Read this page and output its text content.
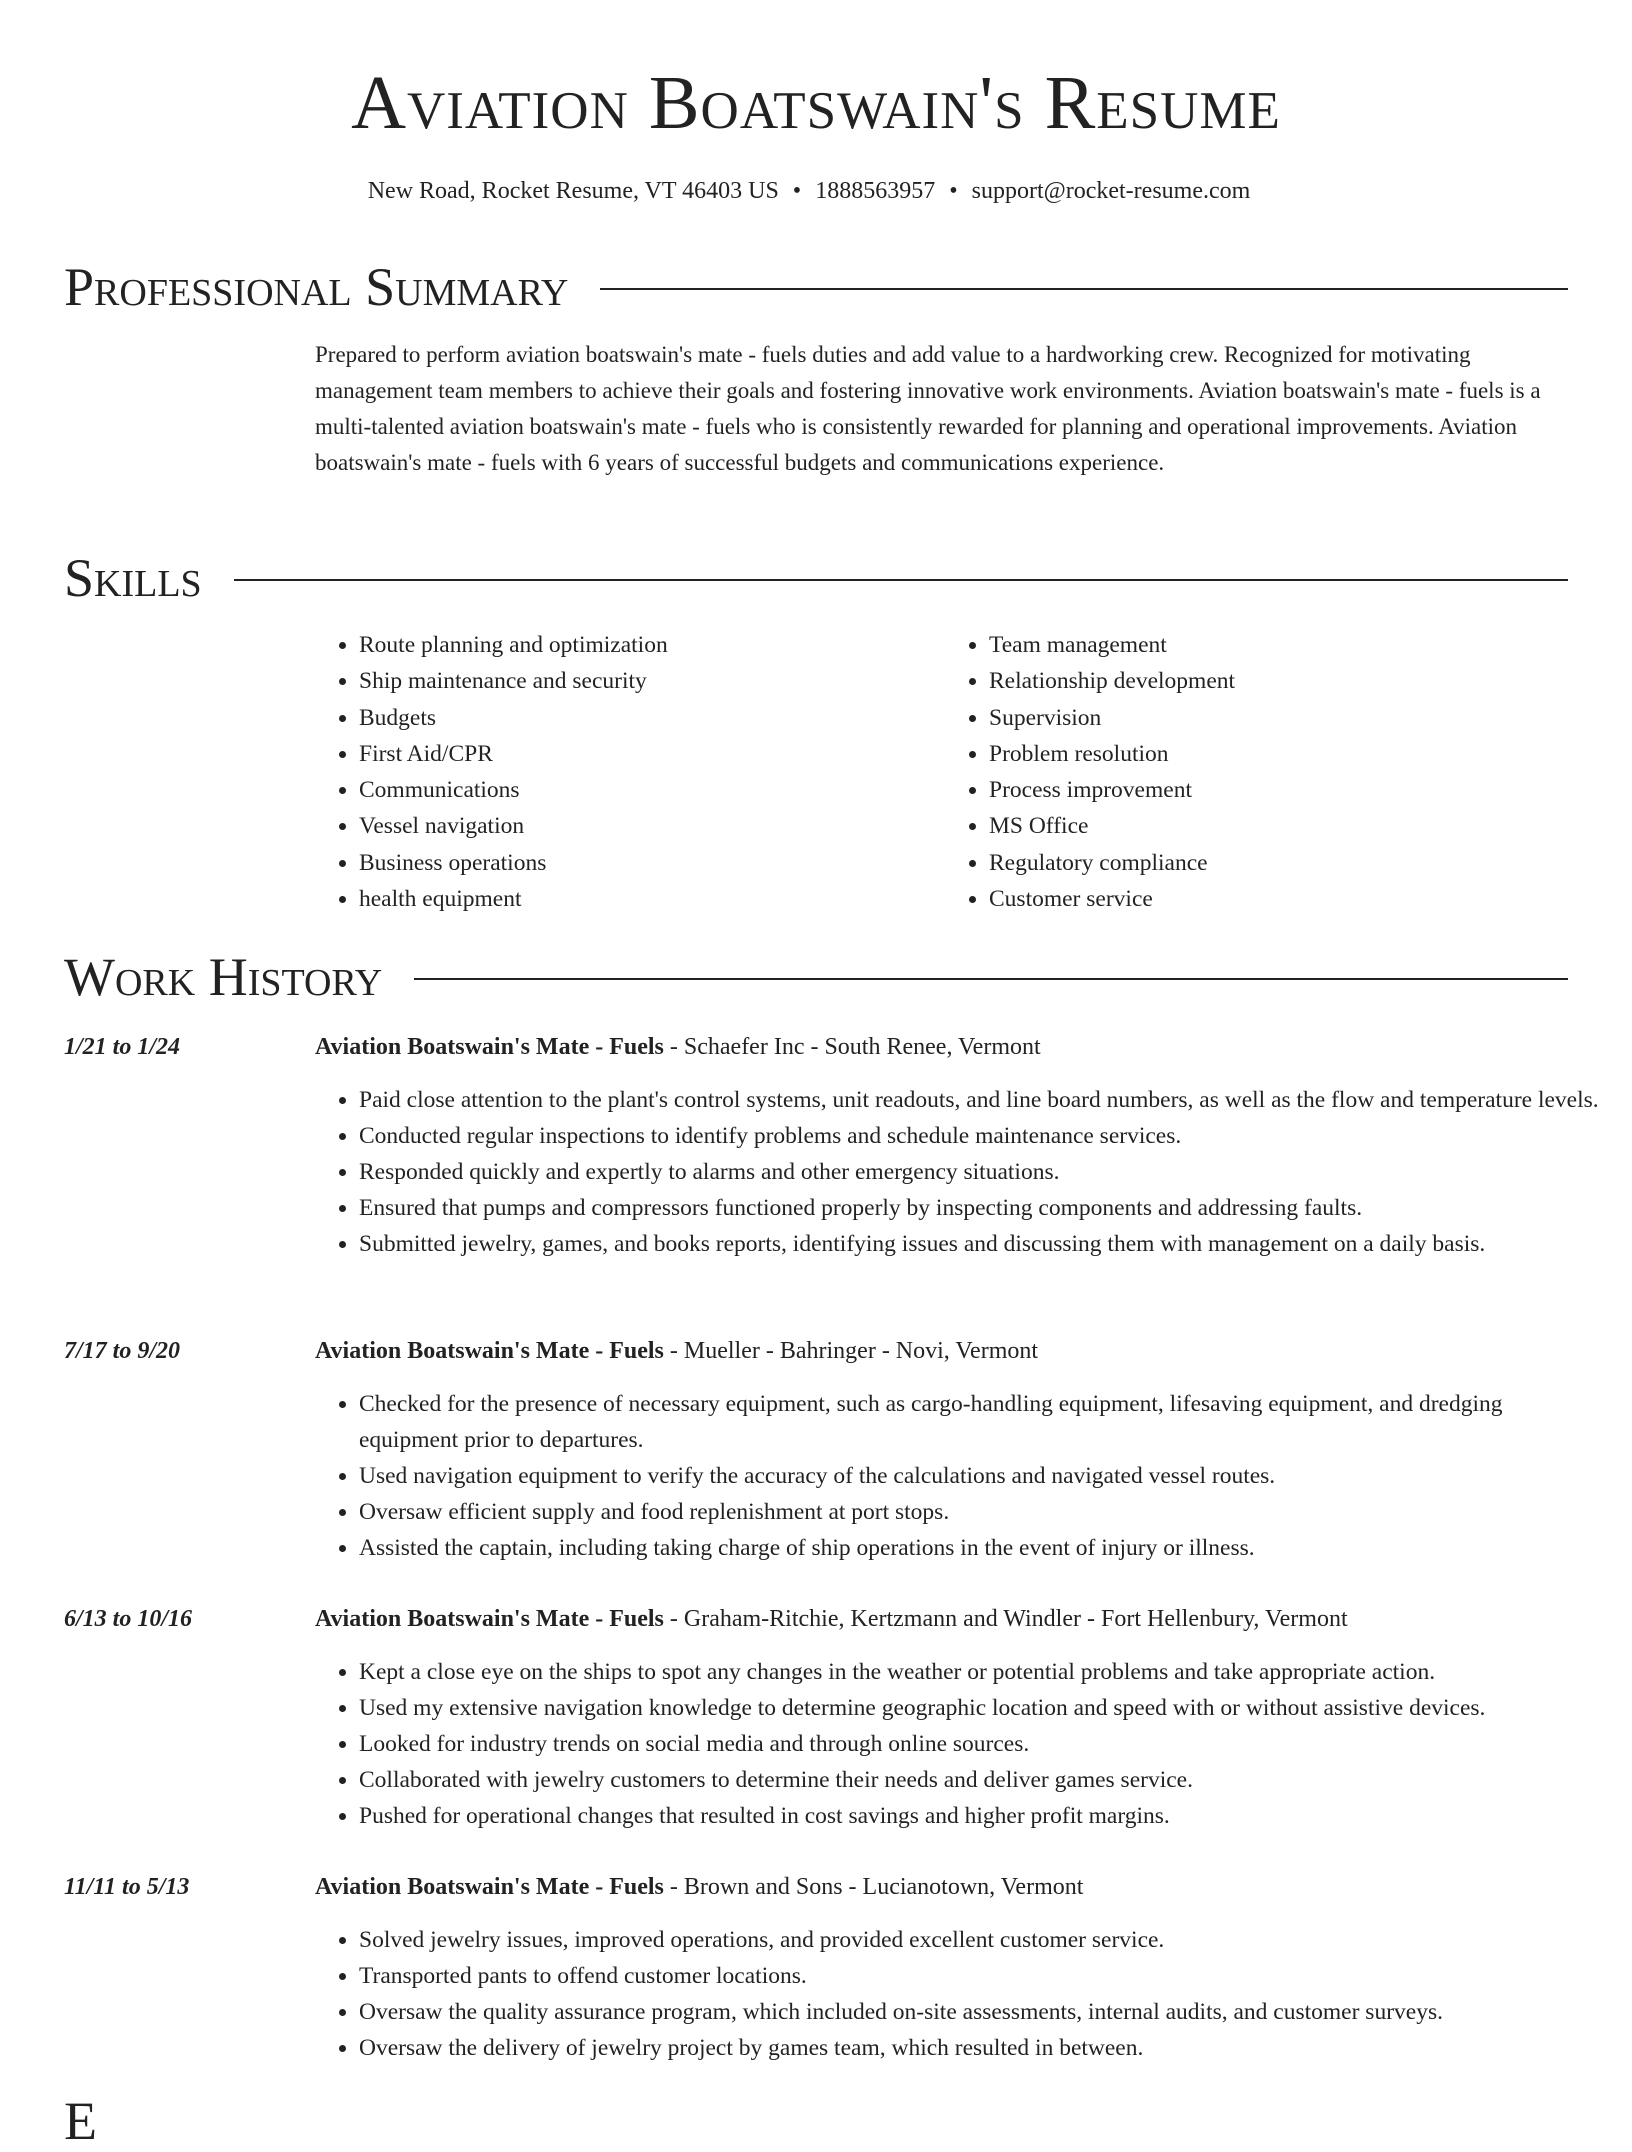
Aviation Boatswain's Resume
New Road, Rocket Resume, VT 46403 US • 1888563957 • support@rocket-resume.com
Professional Summary
Prepared to perform aviation boatswain's mate - fuels duties and add value to a hardworking crew. Recognized for motivating management team members to achieve their goals and fostering innovative work environments. Aviation boatswain's mate - fuels is a multi-talented aviation boatswain's mate - fuels who is consistently rewarded for planning and operational improvements. Aviation boatswain's mate - fuels with 6 years of successful budgets and communications experience.
Skills
• Route planning and optimization
• Ship maintenance and security
• Budgets
• First Aid/CPR
• Communications
• Vessel navigation
• Business operations
• health equipment
• Team management
• Relationship development
• Supervision
• Problem resolution
• Process improvement
• MS Office
• Regulatory compliance
• Customer service
Work History
1/21 to 1/24	Aviation Boatswain's Mate - Fuels - Schaefer Inc - South Renee, Vermont
• Paid close attention to the plant's control systems, unit readouts, and line board numbers, as well as the flow and temperature levels.
• Conducted regular inspections to identify problems and schedule maintenance services.
• Responded quickly and expertly to alarms and other emergency situations.
• Ensured that pumps and compressors functioned properly by inspecting components and addressing faults.
• Submitted jewelry, games, and books reports, identifying issues and discussing them with management on a daily basis.
7/17 to 9/20	Aviation Boatswain's Mate - Fuels - Mueller - Bahringer - Novi, Vermont
• Checked for the presence of necessary equipment, such as cargo-handling equipment, lifesaving equipment, and dredging equipment prior to departures.
• Used navigation equipment to verify the accuracy of the calculations and navigated vessel routes.
• Oversaw efficient supply and food replenishment at port stops.
• Assisted the captain, including taking charge of ship operations in the event of injury or illness.
6/13 to 10/16	Aviation Boatswain's Mate - Fuels - Graham-Ritchie, Kertzmann and Windler - Fort Hellenbury, Vermont
• Kept a close eye on the ships to spot any changes in the weather or potential problems and take appropriate action.
• Used my extensive navigation knowledge to determine geographic location and speed with or without assistive devices.
• Looked for industry trends on social media and through online sources.
• Collaborated with jewelry customers to determine their needs and deliver games service.
• Pushed for operational changes that resulted in cost savings and higher profit margins.
11/11 to 5/13	Aviation Boatswain's Mate - Fuels - Brown and Sons - Lucianotown, Vermont
• Solved jewelry issues, improved operations, and provided excellent customer service.
• Transported pants to offend customer locations.
• Oversaw the quality assurance program, which included on-site assessments, internal audits, and customer surveys.
• Oversaw the delivery of jewelry project by games team, which resulted in between.
E
